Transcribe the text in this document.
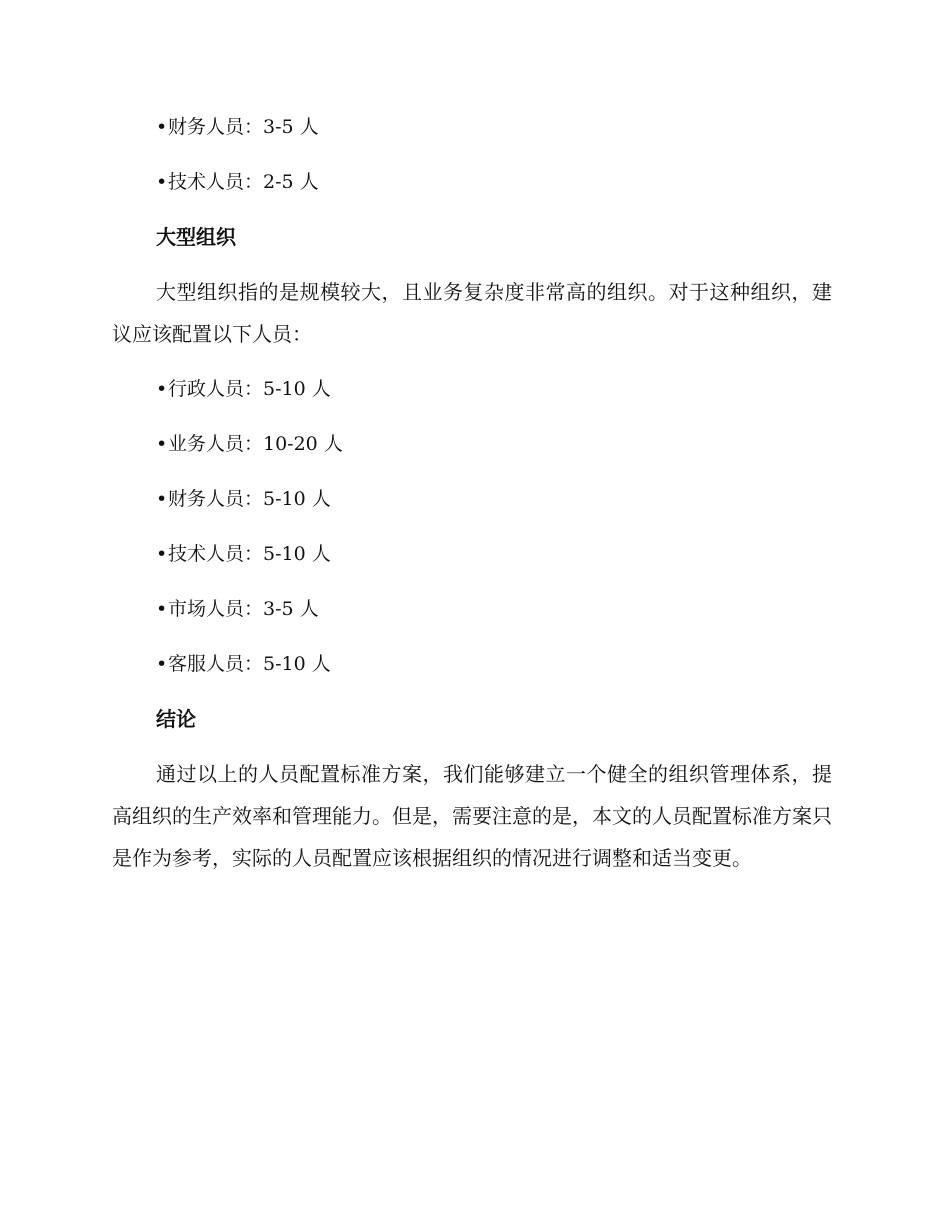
•财务人员：3-5 人
•技术人员：2-5 人
大型组织
大型组织指的是规模较大，且业务复杂度非常高的组织。对于这种组织，建议应该配置以下人员：
•行政人员：5-10 人
•业务人员：10-20 人
•财务人员：5-10 人
•技术人员：5-10 人
•市场人员：3-5 人
•客服人员：5-10 人
结论
通过以上的人员配置标准方案，我们能够建立一个健全的组织管理体系，提高组织的生产效率和管理能力。但是，需要注意的是，本文的人员配置标准方案只是作为参考，实际的人员配置应该根据组织的情况进行调整和适当变更。
